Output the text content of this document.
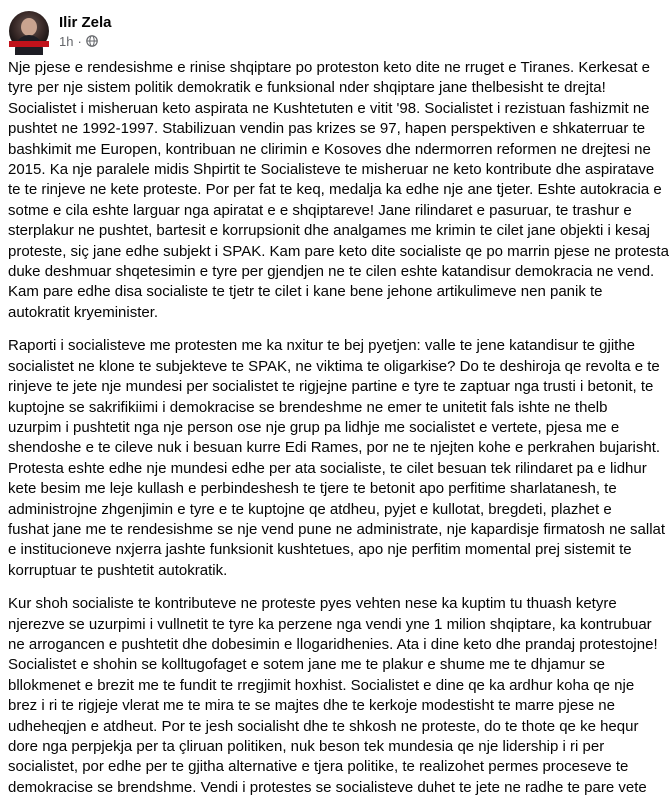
Ilir Zela
1h ·

Nje pjese e rendesishme e rinise shqiptare po proteston keto dite ne rruget e Tiranes. Kerkesat e
tyre per nje sistem politik demokratik e funksional nder shqiptare jane thelbesisht te drejta!
Socialistet i misheruan keto aspirata ne Kushtetuten e vitit '98. Socialistet i rezistuan fashizmit ne
pushtet ne 1992-1997. Stabilizuan vendin pas krizes se 97, hapen perspektiven e shkaterruar te
bashkimit me Europen, kontribuan ne clirimin e Kosoves dhe ndermorren reformen ne drejtesi ne
2015. Ka nje paralele midis Shpirtit te Socialisteve te misheruar ne keto kontribute dhe aspiratave
te te rinjeve ne kete proteste. Por per fat te keq, medalja ka edhe nje ane tjeter. Eshte autokracia e
sotme e cila eshte larguar nga apiratat e e shqiptareve! Jane rilindaret e pasuruar, te trashur e
sterplakur ne pushtet, bartesit e korrupsionit dhe analgames me krimin te cilet jane objekti i kesaj
proteste, siç jane edhe subjekt i SPAK. Kam pare keto dite socialiste qe po marrin pjese ne protesta
duke deshmuar shqetesimin e tyre per gjendjen ne te cilen eshte katandisur demokracia ne vend.
Kam pare edhe disa socialiste te tjetr te cilet i kane bene jehone artikulimeve nen panik te
autokratit kryeminister.

Raporti i socialisteve me protesten me ka nxitur te bej pyetjen: valle te jene katandisur te gjithe
socialistet ne klone te subjekteve te SPAK, ne viktima te oligarkise? Do te deshiroja qe revolta e te
rinjeve te jete nje mundesi per socialistet te rigjejne partine e tyre te zaptuar nga trusti i betonit, te
kuptojne se sakrifikiimi i demokracise se brendeshme ne emer te unitetit fals ishte ne thelb
uzurpim i pushtetit nga nje person ose nje grup pa lidhje me socialistet e vertete, pjesa me e
shendoshe e te cileve nuk i besuan kurre Edi Rames, por ne te njejten kohe e perkrahen bujarisht.
Protesta eshte edhe nje mundesi edhe per ata socialiste, te cilet besuan tek rilindaret pa e lidhur
kete besim me leje kullash e perbindeshesh te tjere te betonit apo perfitime sharlatanesh, te
administrojne zhgenjimin e tyre e te kuptojne qe atdheu, pyjet e kullotat, bregdeti, plazhet e
fushat jane me te rendesishme se nje vend pune ne administrate, nje kapardisje firmatosh ne sallat
e institucioneve nxjerra jashte funksionit kushtetues, apo nje perfitim momental prej sistemit te
korruptuar te pushtetit autokratik.

Kur shoh socialiste te kontributeve ne proteste pyes vehten nese ka kuptim tu thuash ketyre
njerezve se uzurpimi i vullnetit te tyre ka perzene nga vendi yne 1 milion shqiptare, ka kontrubuar
ne arrogancen e pushtetit dhe dobesimin e llogaridhenies. Ata i dine keto dhe prandaj protestojne!
Socialistet e shohin se kolltugofaget e sotem jane me te plakur e shume me te dhjamur se
bllokmenet e brezit me te fundit te rregjimit hoxhist. Socialistet e dine qe ka ardhur koha qe nje
brez i ri te rigjeje vlerat me te mira te se majtes dhe te kerkoje modestisht te marre pjese ne
udheheqjen e atdheut. Por te jesh socialisht dhe te shkosh ne proteste, do te thote qe ke hequr
dore nga perpjekja per ta çliruan politiken, nuk beson tek mundesia qe nje lidership i ri per
socialistet, por edhe per te gjitha alternative e tjera politike, te realizohet permes proceseve te
demokracise se brendshme. Vendi i protestes se socialisteve duhet te jete ne radhe te pare vete
